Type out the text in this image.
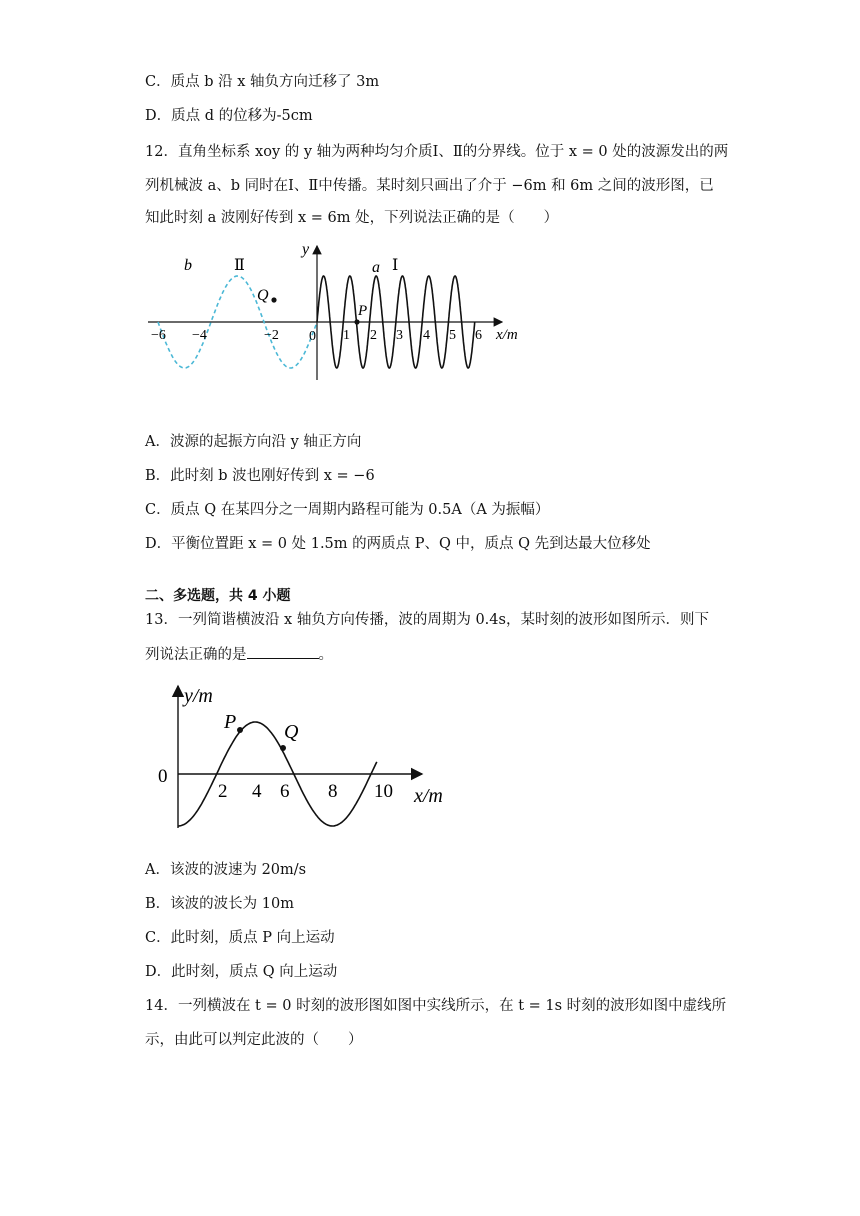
C．质点 b 沿 x 轴负方向迁移了 3m
D．质点 d 的位移为-5cm
12．直角坐标系 xoy 的 y 轴为两种均匀介质Ⅰ、Ⅱ的分界线。位于 x = 0 处的波源发出的两
列机械波 a、b 同时在Ⅰ、Ⅱ中传播。某时刻只画出了介于 −6m 和 6m 之间的波形图，已
知此时刻 a 波刚好传到 x = 6m 处，下列说法正确的是（　　）
y
x/m
0
b	a
Ⅱ	Ⅰ
Q
P
−6 −4	−2	1 2 3 4 5 6
A．波源的起振方向沿 y 轴正方向
B．此时刻 b 波也刚好传到 x = −6
C．质点 Q 在某四分之一周期内路程可能为 0.5A（A 为振幅）
D．平衡位置距 x = 0 处 1.5m 的两质点 P、Q 中，质点 Q 先到达最大位移处
二、多选题，共 4 小题
13．一列简谐横波沿 x 轴负方向传播，波的周期为 0.4s，某时刻的波形如图所示．则下
列说法正确的是	。
y/m
x/m
0
P Q
2 4 6 8 10
A．该波的波速为 20m/s
B．该波的波长为 10m
C．此时刻，质点 P 向上运动
D．此时刻，质点 Q 向上运动
14．一列横波在 t = 0 时刻的波形图如图中实线所示，在 t = 1s 时刻的波形如图中虚线所
示，由此可以判定此波的（　　）
